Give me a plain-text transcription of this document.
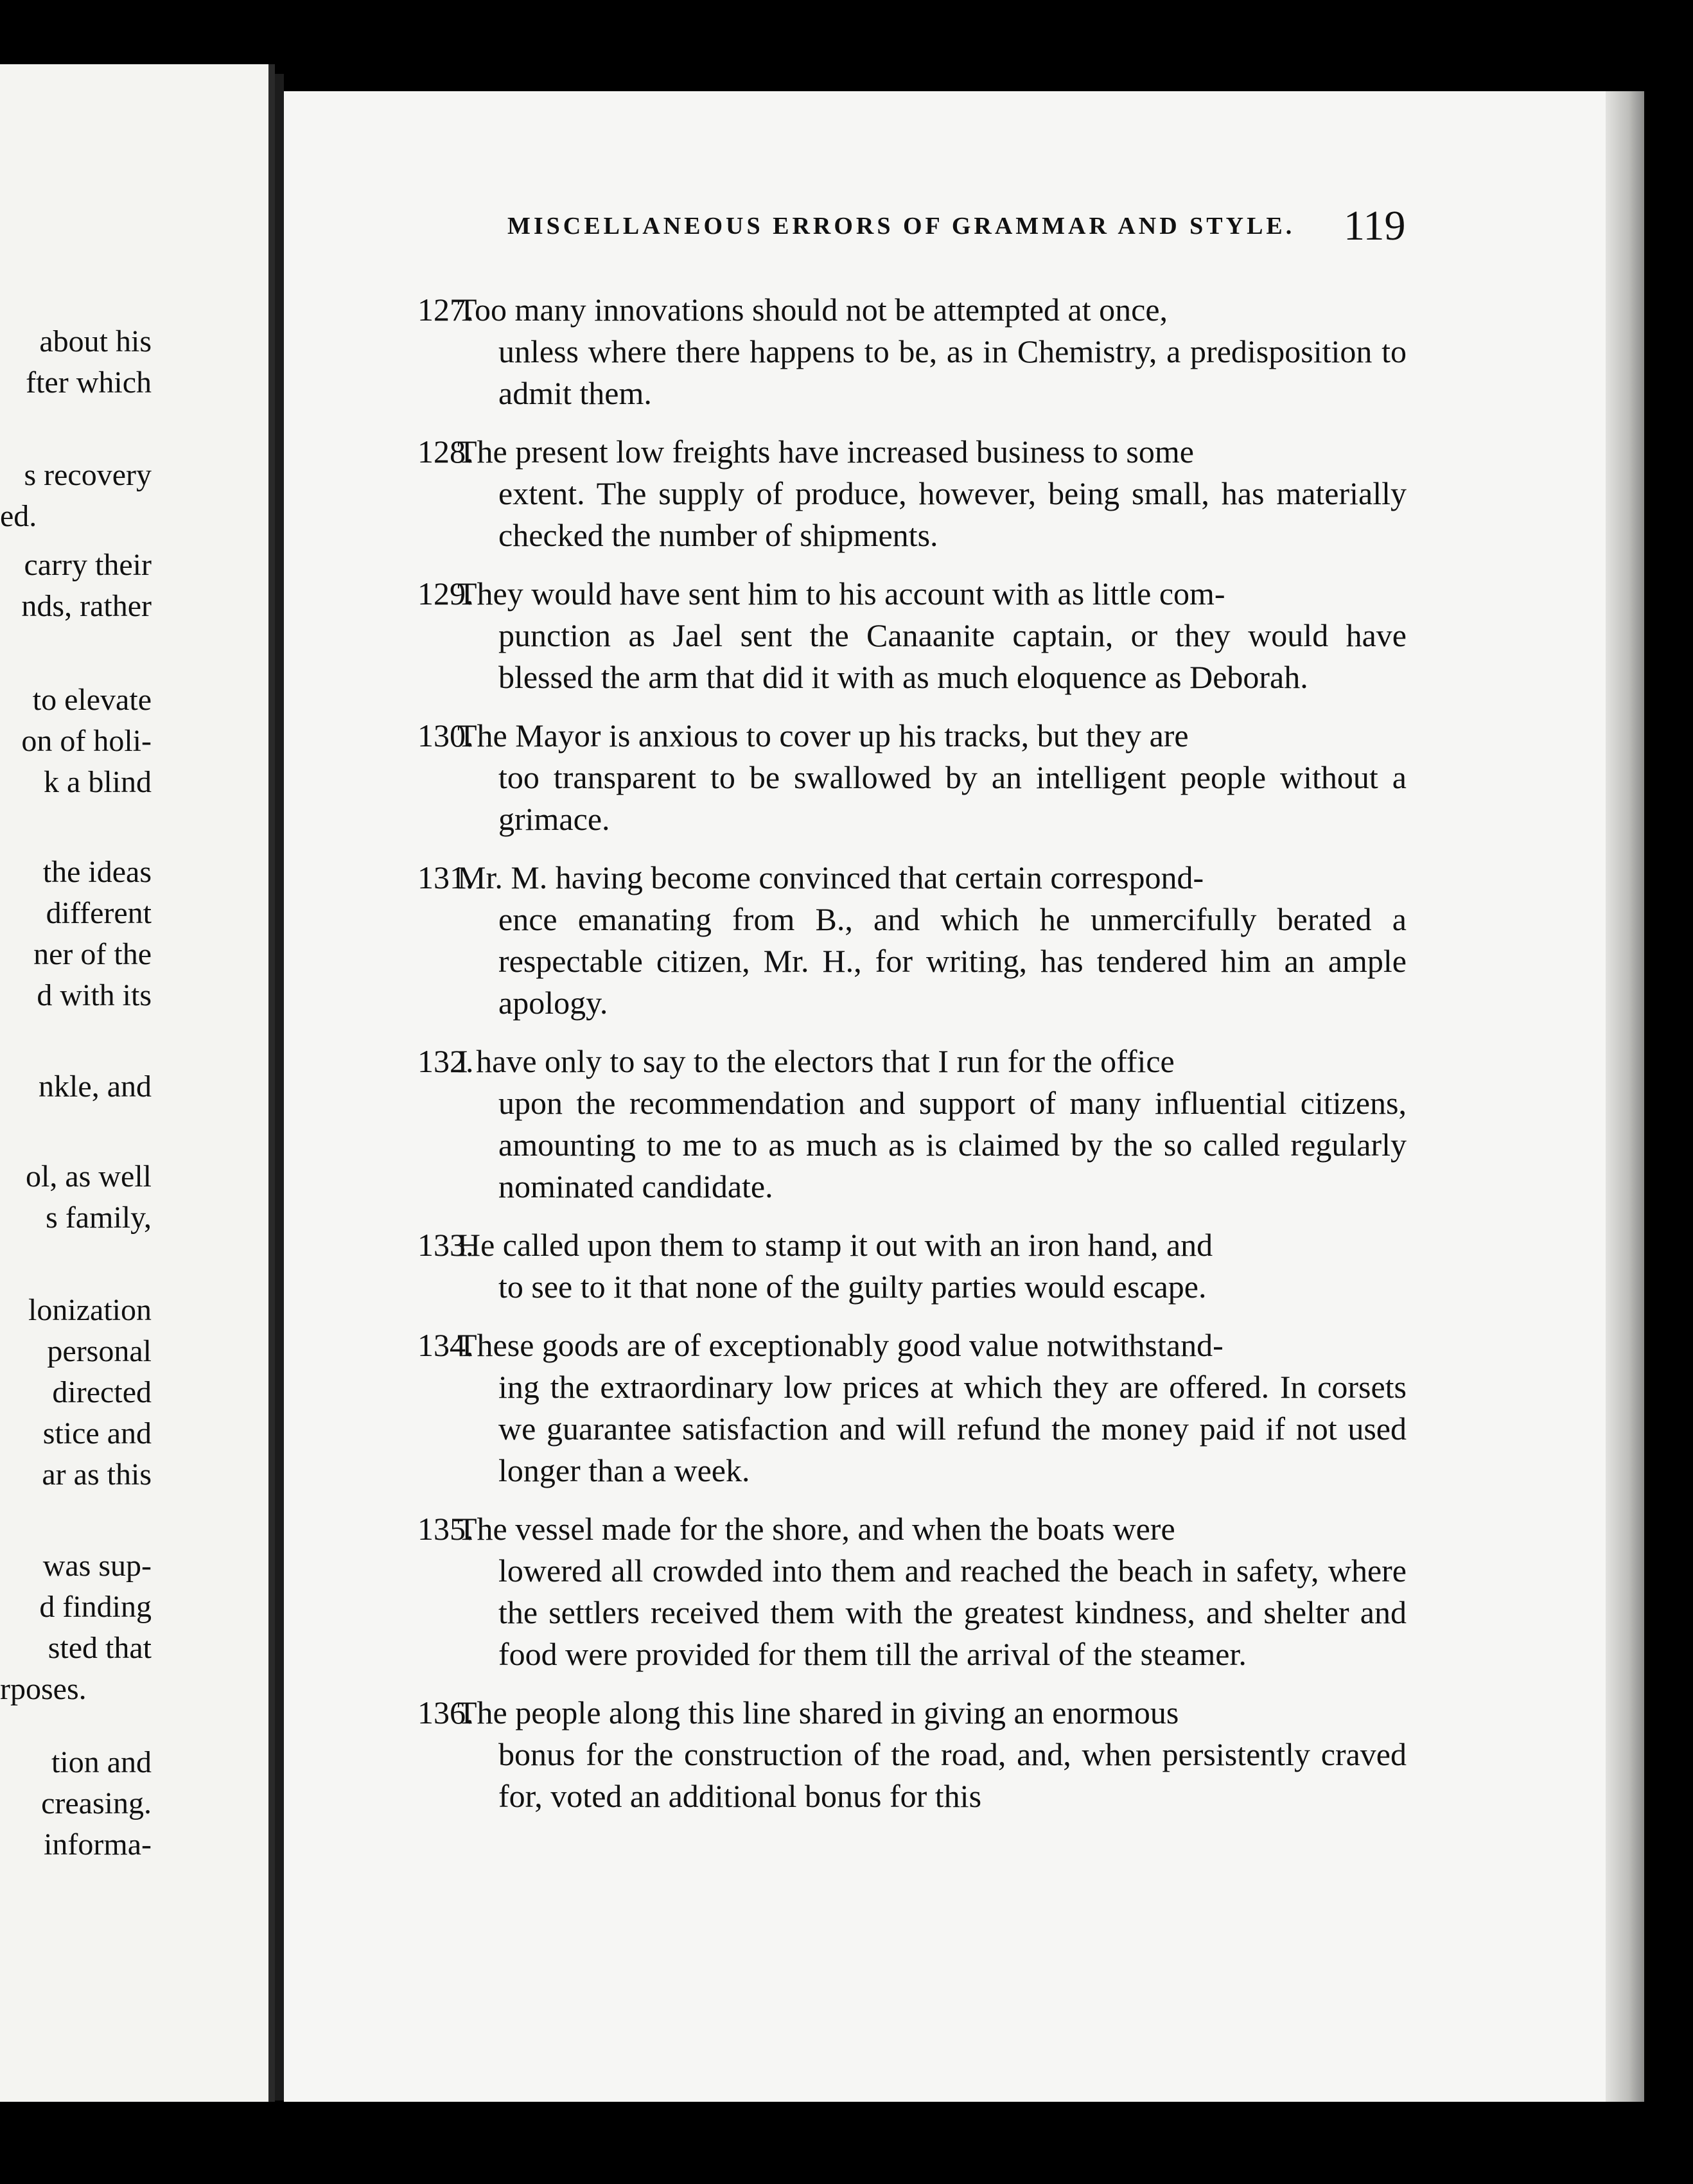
about his
fter which
s recovery
ed.
carry their
nds, rather
to elevate
on of holi-
k a blind
the ideas
different
ner of the
d with its
nkle, and
ol, as well
s family,
lonization
personal
directed
stice and
ar as this
was sup-
d finding
sted that
rposes.
tion and
creasing.
informa-
MISCELLANEOUS ERRORS OF GRAMMAR AND STYLE.	119
127.
Too many innovations should not be attempted at once,
unless where there happens to be, as in Chemistry, a predisposition to admit them.
128.
The present low freights have increased business to some
extent. The supply of produce, however, being small, has materially checked the number of shipments.
129.
They would have sent him to his account with as little com-
punction as Jael sent the Canaanite captain, or they would have blessed the arm that did it with as much eloquence as Deborah.
130.
The Mayor is anxious to cover up his tracks, but they are
too transparent to be swallowed by an intelligent people without a grimace.
131.
Mr. M. having become convinced that certain correspond-
ence emanating from B., and which he unmercifully berated a respectable citizen, Mr. H., for writing, has tendered him an ample apology.
132.
I have only to say to the electors that I run for the office
upon the recommendation and support of many influential citizens, amounting to me to as much as is claimed by the so called regularly nominated candidate.
133.
He called upon them to stamp it out with an iron hand, and
to see to it that none of the guilty parties would escape.
134.
These goods are of exceptionably good value notwithstand-
ing the extraordinary low prices at which they are offered. In corsets we guarantee satisfaction and will refund the money paid if not used longer than a week.
135.
The vessel made for the shore, and when the boats were
lowered all crowded into them and reached the beach in safety, where the settlers received them with the greatest kindness, and shelter and food were provided for them till the arrival of the steamer.
136.
The people along this line shared in giving an enormous
bonus for the construction of the road, and, when persistently craved for, voted an additional bonus for this
